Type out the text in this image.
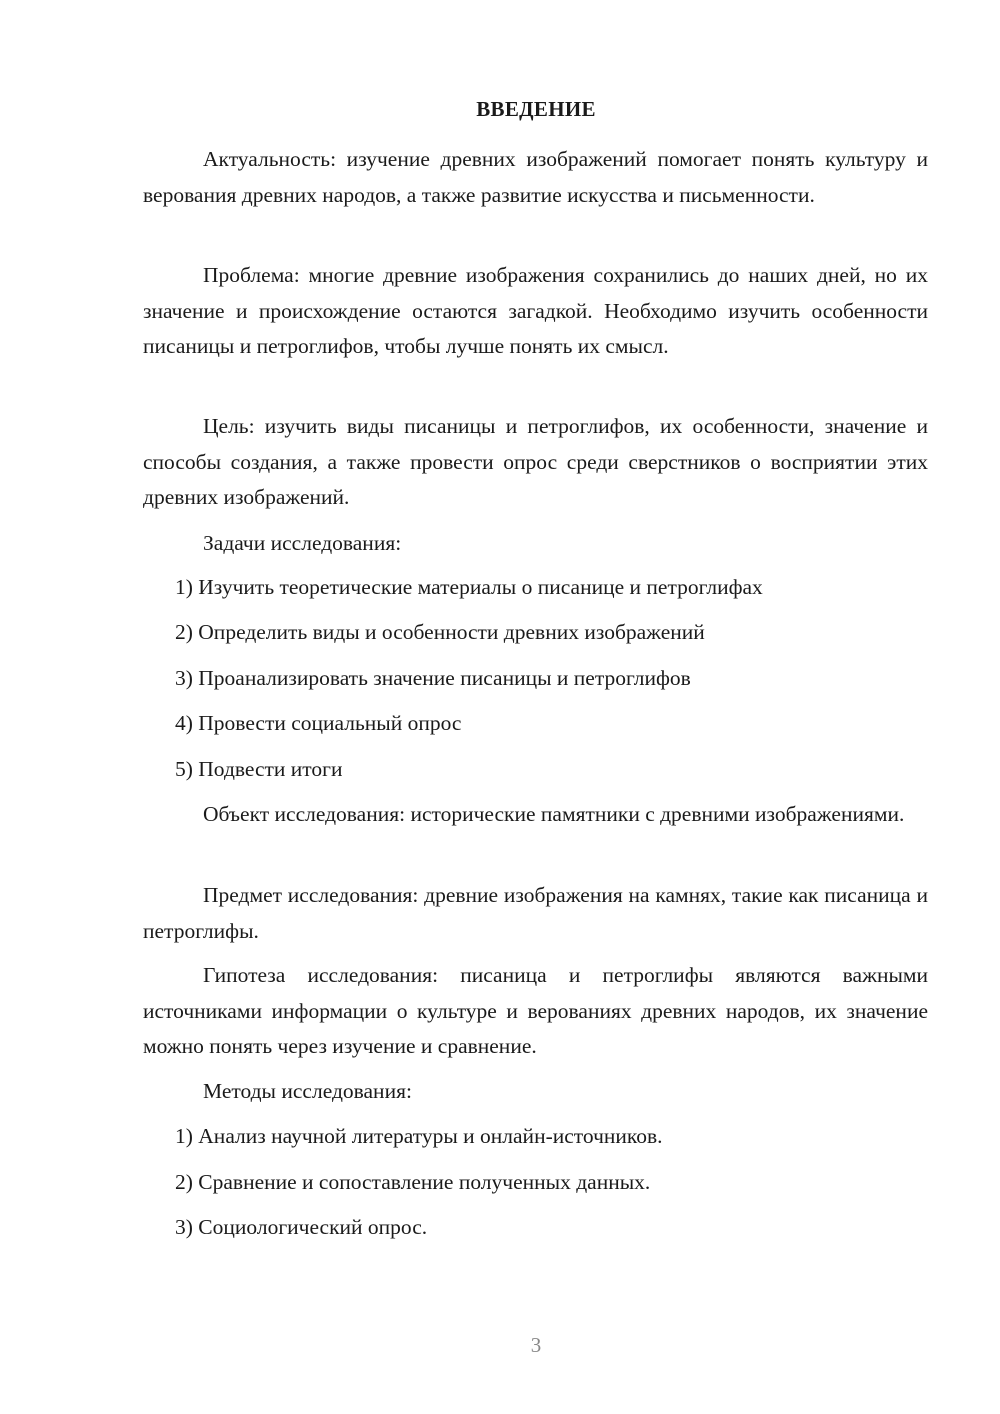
ВВЕДЕНИЕ

Актуальность: изучение древних изображений помогает понять культуру и верования древних народов, а также развитие искусства и письменности.

Проблема: многие древние изображения сохранились до наших дней, но их значение и происхождение остаются загадкой. Необходимо изучить особенности писаницы и петроглифов, чтобы лучше понять их смысл.

Цель: изучить виды писаницы и петроглифов, их особенности, значение и способы создания, а также провести опрос среди сверстников о восприятии этих древних изображений.

Задачи исследования:

1) Изучить теоретические материалы о писанице и петроглифах

2) Определить виды и особенности древних изображений

3) Проанализировать значение писаницы и петроглифов

4) Провести социальный опрос

5) Подвести итоги

Объект исследования: исторические памятники с древними изображениями.

Предмет исследования: древние изображения на камнях, такие как писаница и петроглифы.

Гипотеза исследования: писаница и петроглифы являются важными источниками информации о культуре и верованиях древних народов, их значение можно понять через изучение и сравнение.

Методы исследования:

1) Анализ научной литературы и онлайн-источников.

2) Сравнение и сопоставление полученных данных.

3) Социологический опрос.

3
